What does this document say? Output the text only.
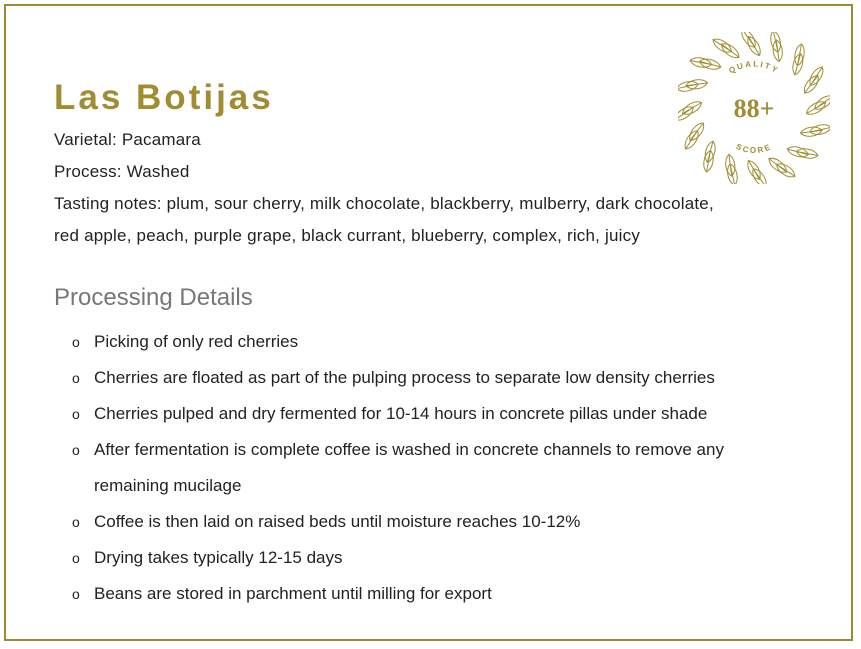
Las Botijas
Varietal: Pacamara
Process: Washed
Tasting notes: plum, sour cherry, milk chocolate, blackberry, mulberry, dark chocolate,
red apple, peach, purple grape, black currant, blueberry, complex, rich, juicy
Processing Details
o Picking of only red cherries
o Cherries are floated as part of the pulping process to separate low density cherries
o Cherries pulped and dry fermented for 10-14 hours in concrete pillas under shade
o After fermentation is complete coffee is washed in concrete channels to remove any
remaining mucilage
o Coffee is then laid on raised beds until moisture reaches 10-12%
o Drying takes typically 12-15 days
o Beans are stored in parchment until milling for export
QUALITY
88+
SCORE
